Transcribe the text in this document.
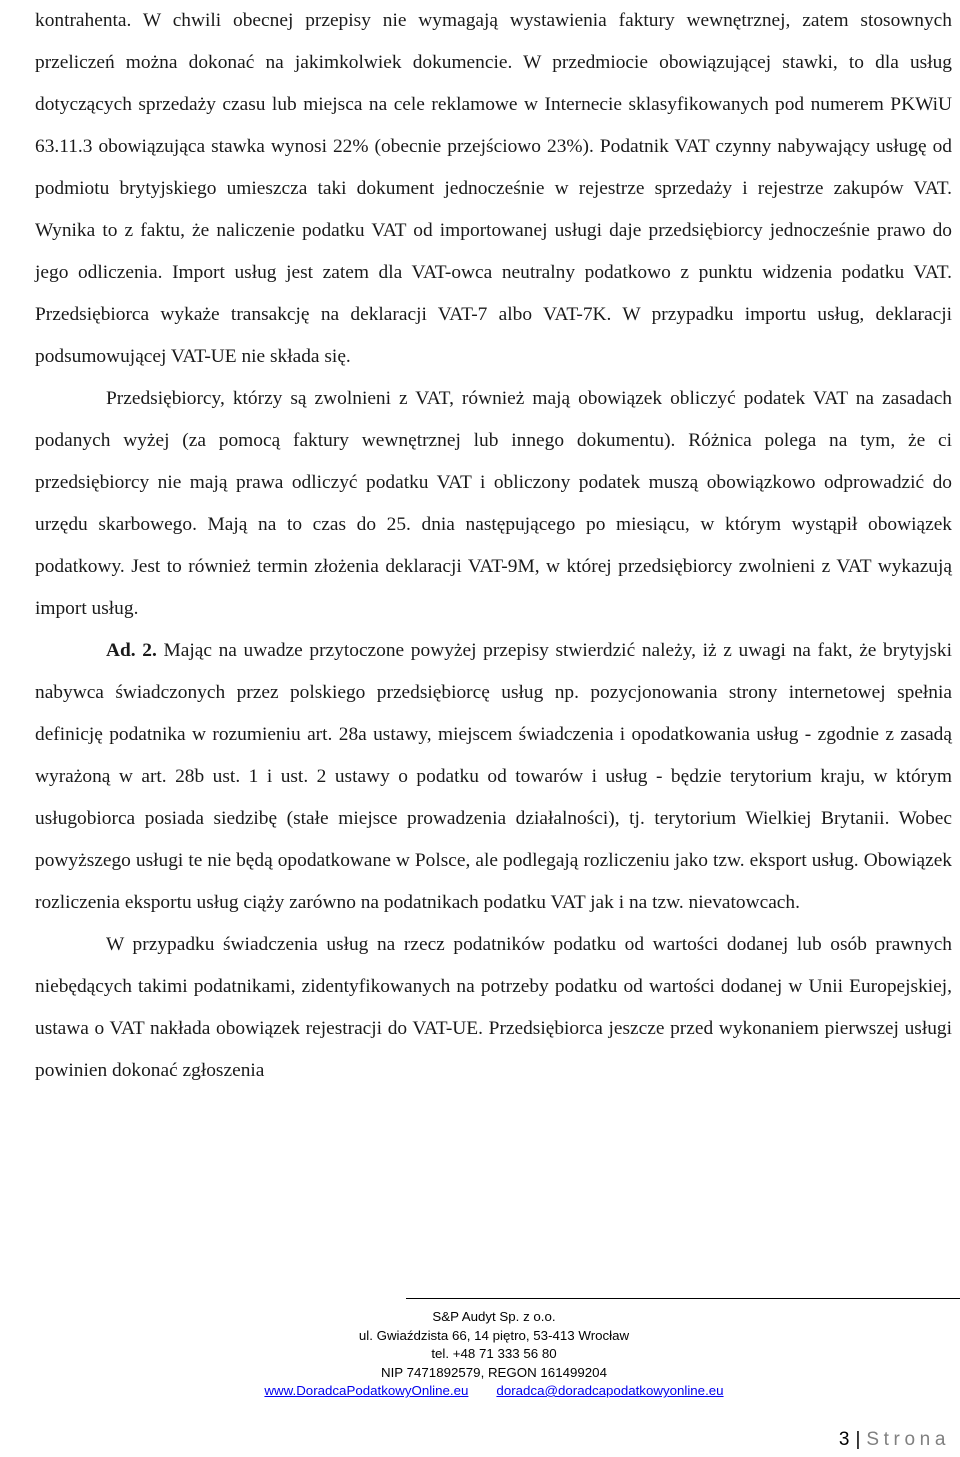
kontrahenta. W chwili obecnej przepisy nie wymagają wystawienia faktury wewnętrznej, zatem stosownych przeliczeń można dokonać na jakimkolwiek dokumencie. W przedmiocie obowiązującej stawki, to dla usług dotyczących sprzedaży czasu lub miejsca na cele reklamowe w Internecie sklasyfikowanych pod numerem PKWiU 63.11.3 obowiązująca stawka wynosi 22% (obecnie przejściowo 23%). Podatnik VAT czynny nabywający usługę od podmiotu brytyjskiego umieszcza taki dokument jednocześnie w rejestrze sprzedaży i rejestrze zakupów VAT. Wynika to z faktu, że naliczenie podatku VAT od importowanej usługi daje przedsiębiorcy jednocześnie prawo do jego odliczenia. Import usług jest zatem dla VAT-owca neutralny podatkowo z punktu widzenia podatku VAT. Przedsiębiorca wykaże transakcję na deklaracji VAT-7 albo VAT-7K. W przypadku importu usług, deklaracji podsumowującej VAT-UE nie składa się.

Przedsiębiorcy, którzy są zwolnieni z VAT, również mają obowiązek obliczyć podatek VAT na zasadach podanych wyżej (za pomocą faktury wewnętrznej lub innego dokumentu). Różnica polega na tym, że ci przedsiębiorcy nie mają prawa odliczyć podatku VAT i obliczony podatek muszą obowiązkowo odprowadzić do urzędu skarbowego. Mają na to czas do 25. dnia następującego po miesiącu, w którym wystąpił obowiązek podatkowy. Jest to również termin złożenia deklaracji VAT-9M, w której przedsiębiorcy zwolnieni z VAT wykazują import usług.

Ad. 2. Mając na uwadze przytoczone powyżej przepisy stwierdzić należy, iż z uwagi na fakt, że brytyjski nabywca świadczonych przez polskiego przedsiębiorcę usług np. pozycjonowania strony internetowej spełnia definicję podatnika w rozumieniu art. 28a ustawy, miejscem świadczenia i opodatkowania usług - zgodnie z zasadą wyrażoną w art. 28b ust. 1 i ust. 2 ustawy o podatku od towarów i usług - będzie terytorium kraju, w którym usługobiorca posiada siedzibę (stałe miejsce prowadzenia działalności), tj. terytorium Wielkiej Brytanii. Wobec powyższego usługi te nie będą opodatkowane w Polsce, ale podlegają rozliczeniu jako tzw. eksport usług. Obowiązek rozliczenia eksportu usług ciąży zarówno na podatnikach podatku VAT jak i na tzw. nievatowcach.

W przypadku świadczenia usług na rzecz podatników podatku od wartości dodanej lub osób prawnych niebędących takimi podatnikami, zidentyfikowanych na potrzeby podatku od wartości dodanej w Unii Europejskiej, ustawa o VAT nakłada obowiązek rejestracji do VAT-UE. Przedsiębiorca jeszcze przed wykonaniem pierwszej usługi powinien dokonać zgłoszenia

S&P Audyt Sp. z o.o.
ul. Gwiaździsta 66, 14 piętro, 53-413 Wrocław
tel. +48 71 333 56 80
NIP 7471892579, REGON 161499204
www.DoradcaPodatkowyOnline.eu doradca@doradcapodatkowyonline.eu
3 | Strona
